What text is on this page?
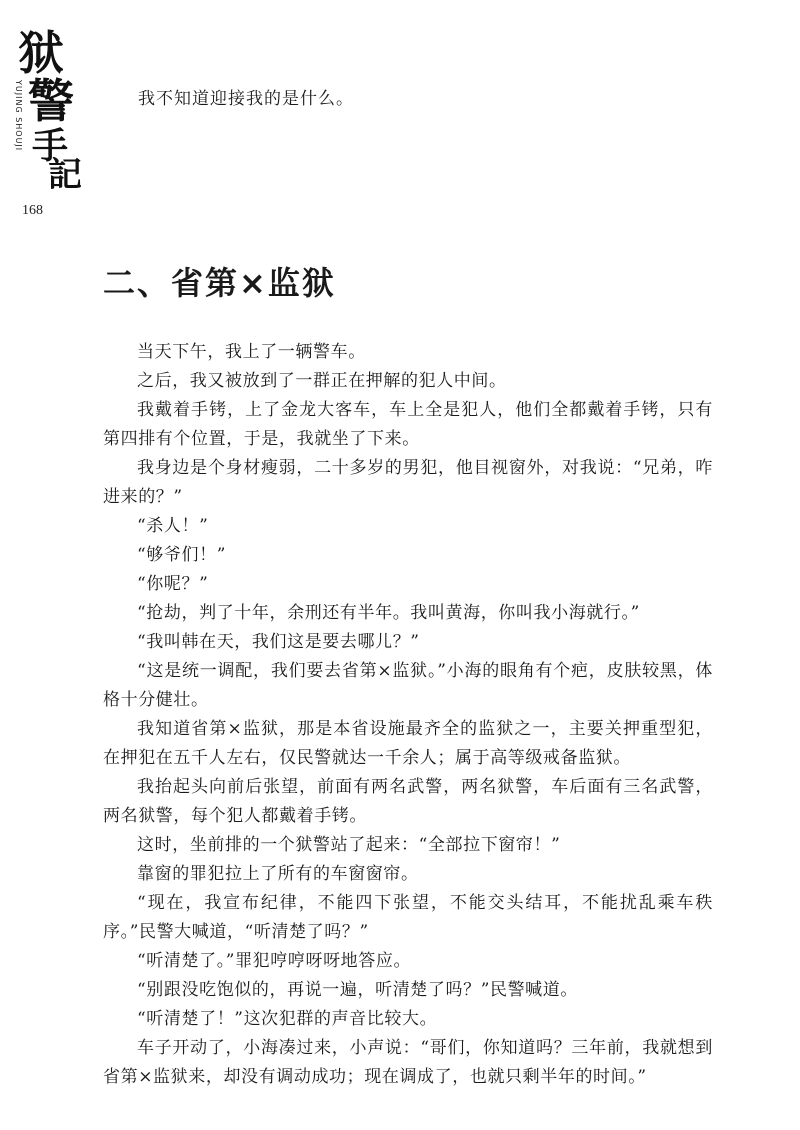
狱
警
手
記
YUJING SHOUJI
168
我不知道迎接我的是什么。
二、省第×监狱

当天下午，我上了一辆警车。

之后，我又被放到了一群正在押解的犯人中间。

我戴着手铐，上了金龙大客车，车上全是犯人，他们全都戴着手铐，只有第四排有个位置，于是，我就坐了下来。

我身边是个身材瘦弱，二十多岁的男犯，他目视窗外，对我说：“兄弟，咋进来的？”

“杀人！”

“够爷们！”

“你呢？”

“抢劫，判了十年，余刑还有半年。我叫黄海，你叫我小海就行。”

“我叫韩在天，我们这是要去哪儿？”

“这是统一调配，我们要去省第×监狱。”小海的眼角有个疤，皮肤较黑，体格十分健壮。

我知道省第×监狱，那是本省设施最齐全的监狱之一，主要关押重型犯，在押犯在五千人左右，仅民警就达一千余人；属于高等级戒备监狱。

我抬起头向前后张望，前面有两名武警，两名狱警，车后面有三名武警，两名狱警，每个犯人都戴着手铐。

这时，坐前排的一个狱警站了起来：“全部拉下窗帘！”

靠窗的罪犯拉上了所有的车窗窗帘。

“现在，我宣布纪律，不能四下张望，不能交头结耳，不能扰乱乘车秩序。”民警大喊道，“听清楚了吗？”

“听清楚了。”罪犯哼哼呀呀地答应。

“别跟没吃饱似的，再说一遍，听清楚了吗？”民警喊道。

“听清楚了！”这次犯群的声音比较大。

车子开动了，小海凑过来，小声说：“哥们，你知道吗？三年前，我就想到省第×监狱来，却没有调动成功；现在调成了，也就只剩半年的时间。”
